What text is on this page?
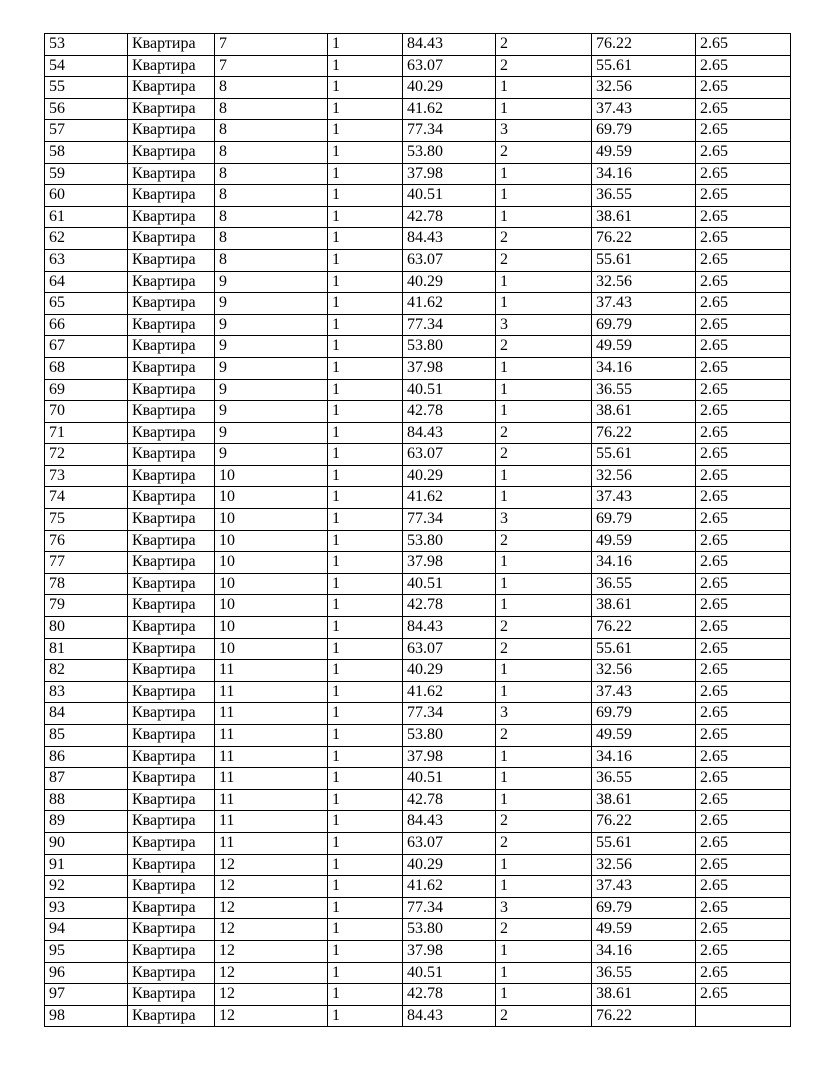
53	Квартира	7	1	84.43	2	76.22	2.65
54	Квартира	7	1	63.07	2	55.61	2.65
55	Квартира	8	1	40.29	1	32.56	2.65
56	Квартира	8	1	41.62	1	37.43	2.65
57	Квартира	8	1	77.34	3	69.79	2.65
58	Квартира	8	1	53.80	2	49.59	2.65
59	Квартира	8	1	37.98	1	34.16	2.65
60	Квартира	8	1	40.51	1	36.55	2.65
61	Квартира	8	1	42.78	1	38.61	2.65
62	Квартира	8	1	84.43	2	76.22	2.65
63	Квартира	8	1	63.07	2	55.61	2.65
64	Квартира	9	1	40.29	1	32.56	2.65
65	Квартира	9	1	41.62	1	37.43	2.65
66	Квартира	9	1	77.34	3	69.79	2.65
67	Квартира	9	1	53.80	2	49.59	2.65
68	Квартира	9	1	37.98	1	34.16	2.65
69	Квартира	9	1	40.51	1	36.55	2.65
70	Квартира	9	1	42.78	1	38.61	2.65
71	Квартира	9	1	84.43	2	76.22	2.65
72	Квартира	9	1	63.07	2	55.61	2.65
73	Квартира	10	1	40.29	1	32.56	2.65
74	Квартира	10	1	41.62	1	37.43	2.65
75	Квартира	10	1	77.34	3	69.79	2.65
76	Квартира	10	1	53.80	2	49.59	2.65
77	Квартира	10	1	37.98	1	34.16	2.65
78	Квартира	10	1	40.51	1	36.55	2.65
79	Квартира	10	1	42.78	1	38.61	2.65
80	Квартира	10	1	84.43	2	76.22	2.65
81	Квартира	10	1	63.07	2	55.61	2.65
82	Квартира	11	1	40.29	1	32.56	2.65
83	Квартира	11	1	41.62	1	37.43	2.65
84	Квартира	11	1	77.34	3	69.79	2.65
85	Квартира	11	1	53.80	2	49.59	2.65
86	Квартира	11	1	37.98	1	34.16	2.65
87	Квартира	11	1	40.51	1	36.55	2.65
88	Квартира	11	1	42.78	1	38.61	2.65
89	Квартира	11	1	84.43	2	76.22	2.65
90	Квартира	11	1	63.07	2	55.61	2.65
91	Квартира	12	1	40.29	1	32.56	2.65
92	Квартира	12	1	41.62	1	37.43	2.65
93	Квартира	12	1	77.34	3	69.79	2.65
94	Квартира	12	1	53.80	2	49.59	2.65
95	Квартира	12	1	37.98	1	34.16	2.65
96	Квартира	12	1	40.51	1	36.55	2.65
97	Квартира	12	1	42.78	1	38.61	2.65
98	Квартира	12	1	84.43	2	76.22	
